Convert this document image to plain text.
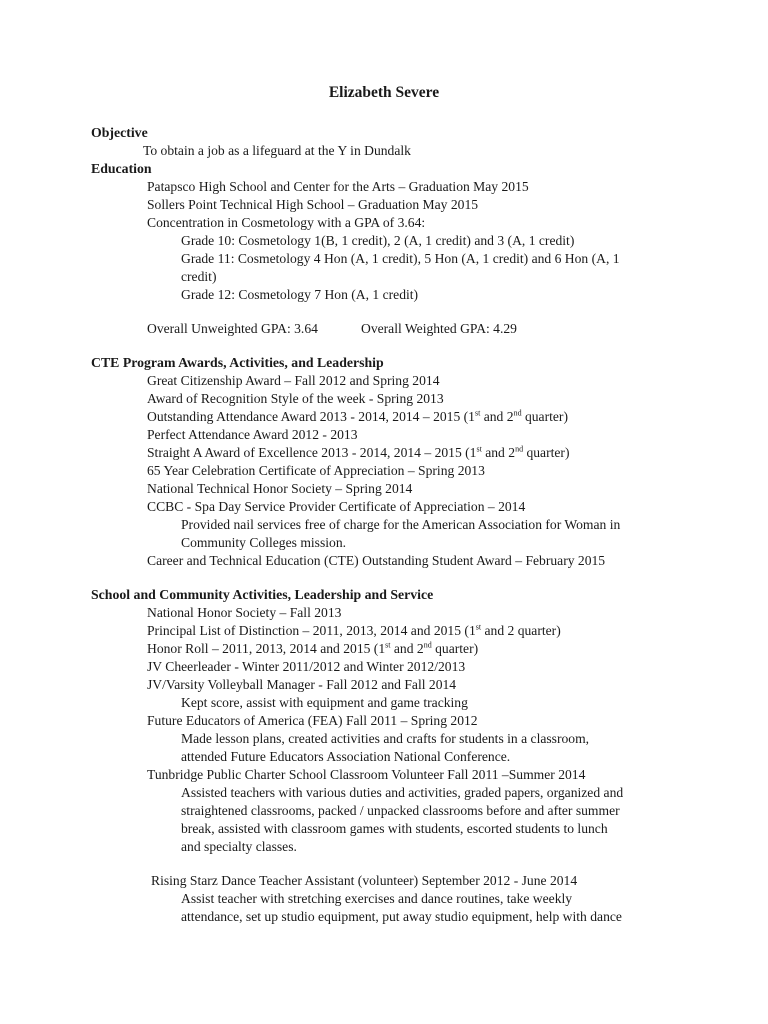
Elizabeth Severe
Objective
To obtain a job as a lifeguard at the Y in Dundalk
Education
Patapsco High School and Center for the Arts – Graduation May 2015
Sollers Point Technical High School – Graduation May 2015
Concentration in Cosmetology with a GPA of 3.64:
Grade 10: Cosmetology 1(B, 1 credit), 2 (A, 1 credit) and 3 (A, 1 credit)
Grade 11: Cosmetology 4 Hon (A, 1 credit), 5 Hon (A, 1 credit) and 6 Hon (A, 1
credit)
Grade 12: Cosmetology 7 Hon (A, 1 credit)
Overall Unweighted GPA: 3.64	Overall Weighted GPA: 4.29
CTE Program Awards, Activities, and Leadership
Great Citizenship Award – Fall 2012 and Spring 2014
Award of Recognition Style of the week - Spring 2013
Outstanding Attendance Award 2013 - 2014, 2014 – 2015 (1st and 2nd quarter)
Perfect Attendance Award 2012 - 2013
Straight A Award of Excellence 2013 - 2014, 2014 – 2015 (1st and 2nd quarter)
65 Year Celebration Certificate of Appreciation – Spring 2013
National Technical Honor Society – Spring 2014
CCBC - Spa Day Service Provider Certificate of Appreciation – 2014
Provided nail services free of charge for the American Association for Woman in
Community Colleges mission.
Career and Technical Education (CTE) Outstanding Student Award – February 2015
School and Community Activities, Leadership and Service
National Honor Society – Fall 2013
Principal List of Distinction – 2011, 2013, 2014 and 2015 (1st and 2 quarter)
Honor Roll – 2011, 2013, 2014 and 2015 (1st and 2nd quarter)
JV Cheerleader - Winter 2011/2012 and Winter 2012/2013
JV/Varsity Volleyball Manager - Fall 2012 and Fall 2014
Kept score, assist with equipment and game tracking
Future Educators of America (FEA) Fall 2011 – Spring 2012
Made lesson plans, created activities and crafts for students in a classroom,
attended Future Educators Association National Conference.
Tunbridge Public Charter School Classroom Volunteer Fall 2011 –Summer 2014
Assisted teachers with various duties and activities, graded papers, organized and
straightened classrooms, packed / unpacked classrooms before and after summer
break, assisted with classroom games with students, escorted students to lunch
and specialty classes.
Rising Starz Dance Teacher Assistant (volunteer) September 2012 - June 2014
Assist teacher with stretching exercises and dance routines, take weekly
attendance, set up studio equipment, put away studio equipment, help with dance
